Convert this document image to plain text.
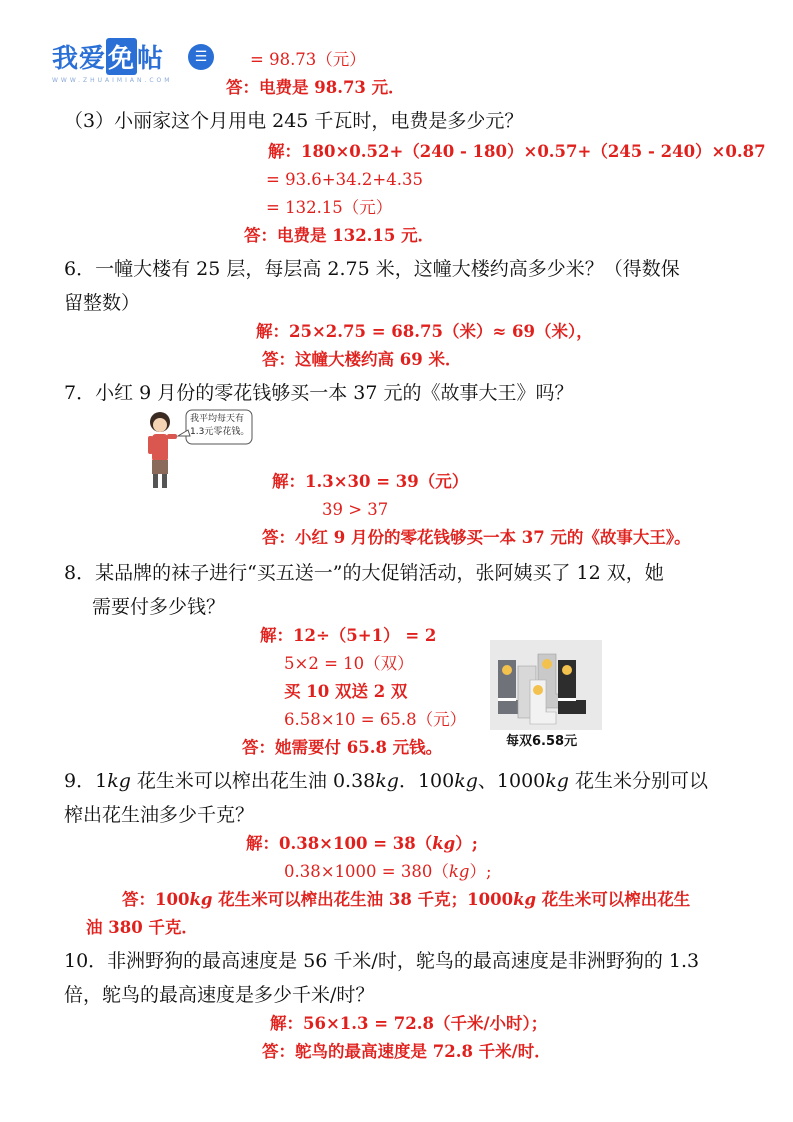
我爱免帖
WWW.ZHUAIMIAN.COM
☰	= 98.73（元）
答：电费是 98.73 元．
（3）小丽家这个月用电 245 千瓦时，电费是多少元？
解：180×0.52+（240 - 180）×0.57+（245 - 240）×0.87
= 93.6+34.2+4.35
= 132.15（元）
答：电费是 132.15 元．
6．一幢大楼有 25 层，每层高 2.75 米，这幢大楼约高多少米？（得数保
留整数）
解：25×2.75 = 68.75（米）≈ 69（米），
答：这幢大楼约高 69 米．
7．小红 9 月份的零花钱够买一本 37 元的《故事大王》吗？
我平均每天有
1.3元零花钱。
解：1.3×30 = 39（元）
39 > 37
答：小红 9 月份的零花钱够买一本 37 元的《故事大王》。
8．某品牌的袜子进行“买五送一”的大促销活动，张阿姨买了 12 双，她
需要付多少钱？
解：12÷（5+1） = 2
5×2 = 10（双）
买 10 双送 2 双
6.58×10 = 65.8（元）
答：她需要付 65.8 元钱。	每双6.58元
9．1kg 花生米可以榨出花生油 0.38kg．100kg、1000kg 花生米分别可以
榨出花生油多少千克？
解：0.38×100 = 38（kg）;
0.38×1000 = 380（kg）;
答：100kg 花生米可以榨出花生油 38 千克；1000kg 花生米可以榨出花生
油 380 千克．
10．非洲野狗的最高速度是 56 千米/时，鸵鸟的最高速度是非洲野狗的 1.3
倍，鸵鸟的最高速度是多少千米/时？
解：56×1.3 = 72.8（千米/小时）；
答：鸵鸟的最高速度是 72.8 千米/时．
